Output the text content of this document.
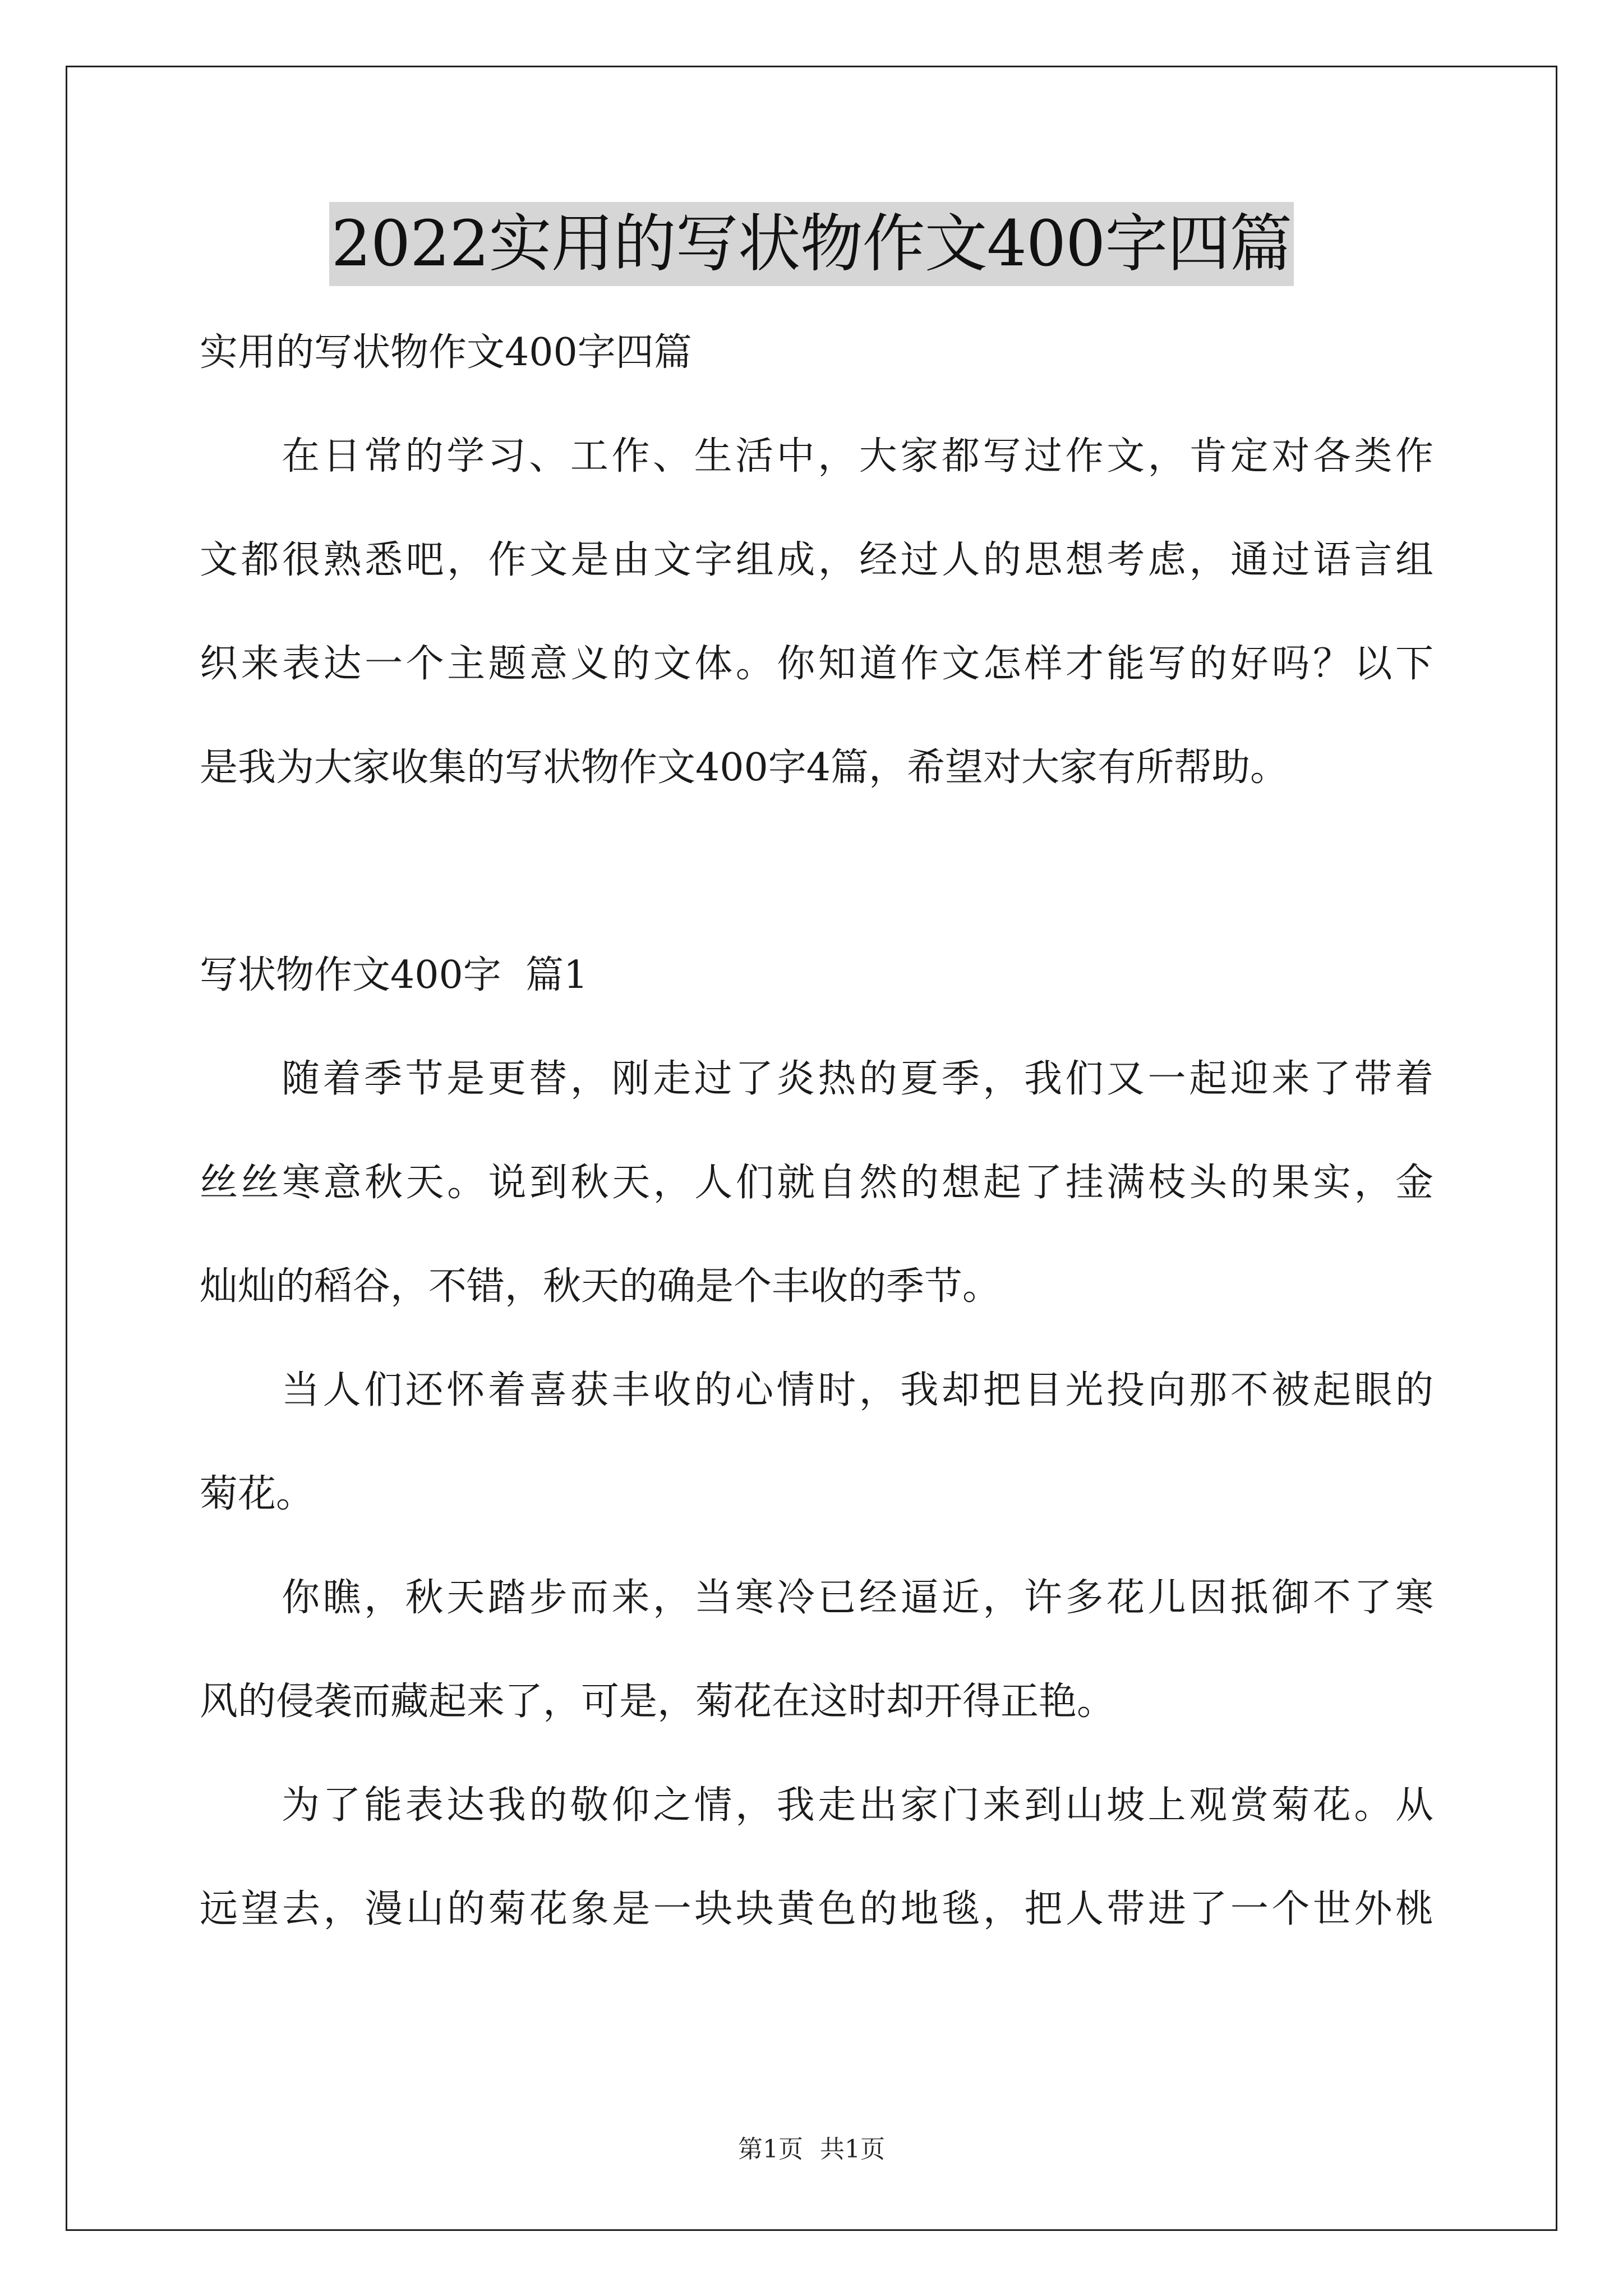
2022实用的写状物作文400字四篇
实用的写状物作文400字四篇
在日常的学习、工作、生活中，大家都写过作文，肯定对各类作
文都很熟悉吧，作文是由文字组成，经过人的思想考虑，通过语言组
织来表达一个主题意义的文体。你知道作文怎样才能写的好吗？以下
是我为大家收集的写状物作文400字4篇，希望对大家有所帮助。
写状物作文400字  篇1
随着季节是更替，刚走过了炎热的夏季，我们又一起迎来了带着
丝丝寒意秋天。说到秋天，人们就自然的想起了挂满枝头的果实，金
灿灿的稻谷，不错，秋天的确是个丰收的季节。
当人们还怀着喜获丰收的心情时，我却把目光投向那不被起眼的
菊花。
你瞧，秋天踏步而来，当寒冷已经逼近，许多花儿因抵御不了寒
风的侵袭而藏起来了，可是，菊花在这时却开得正艳。
为了能表达我的敬仰之情，我走出家门来到山坡上观赏菊花。从
远望去，漫山的菊花象是一块块黄色的地毯，把人带进了一个世外桃
第1页 共1页
